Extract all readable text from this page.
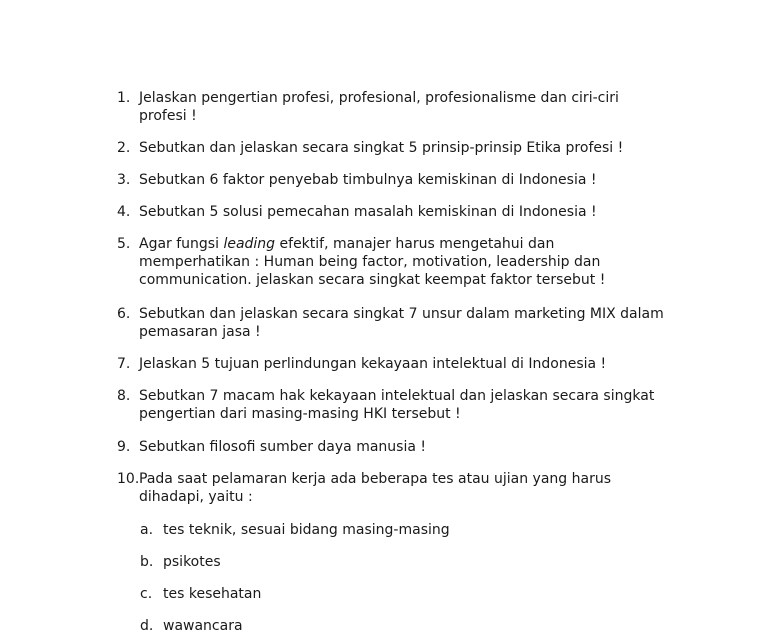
1. Jelaskan pengertian profesi, profesional, profesionalisme dan ciri-ciri profesi !
2. Sebutkan dan jelaskan secara singkat 5 prinsip-prinsip Etika profesi !
3. Sebutkan 6 faktor penyebab timbulnya kemiskinan di Indonesia !
4. Sebutkan 5 solusi pemecahan masalah kemiskinan di Indonesia !
5. Agar fungsi leading efektif, manajer harus mengetahui dan memperhatikan : Human being factor, motivation, leadership dan communication. jelaskan secara singkat keempat faktor tersebut !
6. Sebutkan dan jelaskan secara singkat 7 unsur dalam marketing MIX dalam pemasaran jasa !
7. Jelaskan 5 tujuan perlindungan kekayaan intelektual di Indonesia !
8. Sebutkan 7 macam hak kekayaan intelektual dan jelaskan secara singkat pengertian dari masing-masing HKI tersebut !
9. Sebutkan filosofi sumber daya manusia !
10. Pada saat pelamaran kerja ada beberapa tes atau ujian yang harus dihadapi, yaitu :
a. tes teknik, sesuai bidang masing-masing
b. psikotes
c. tes kesehatan
d. wawancara
